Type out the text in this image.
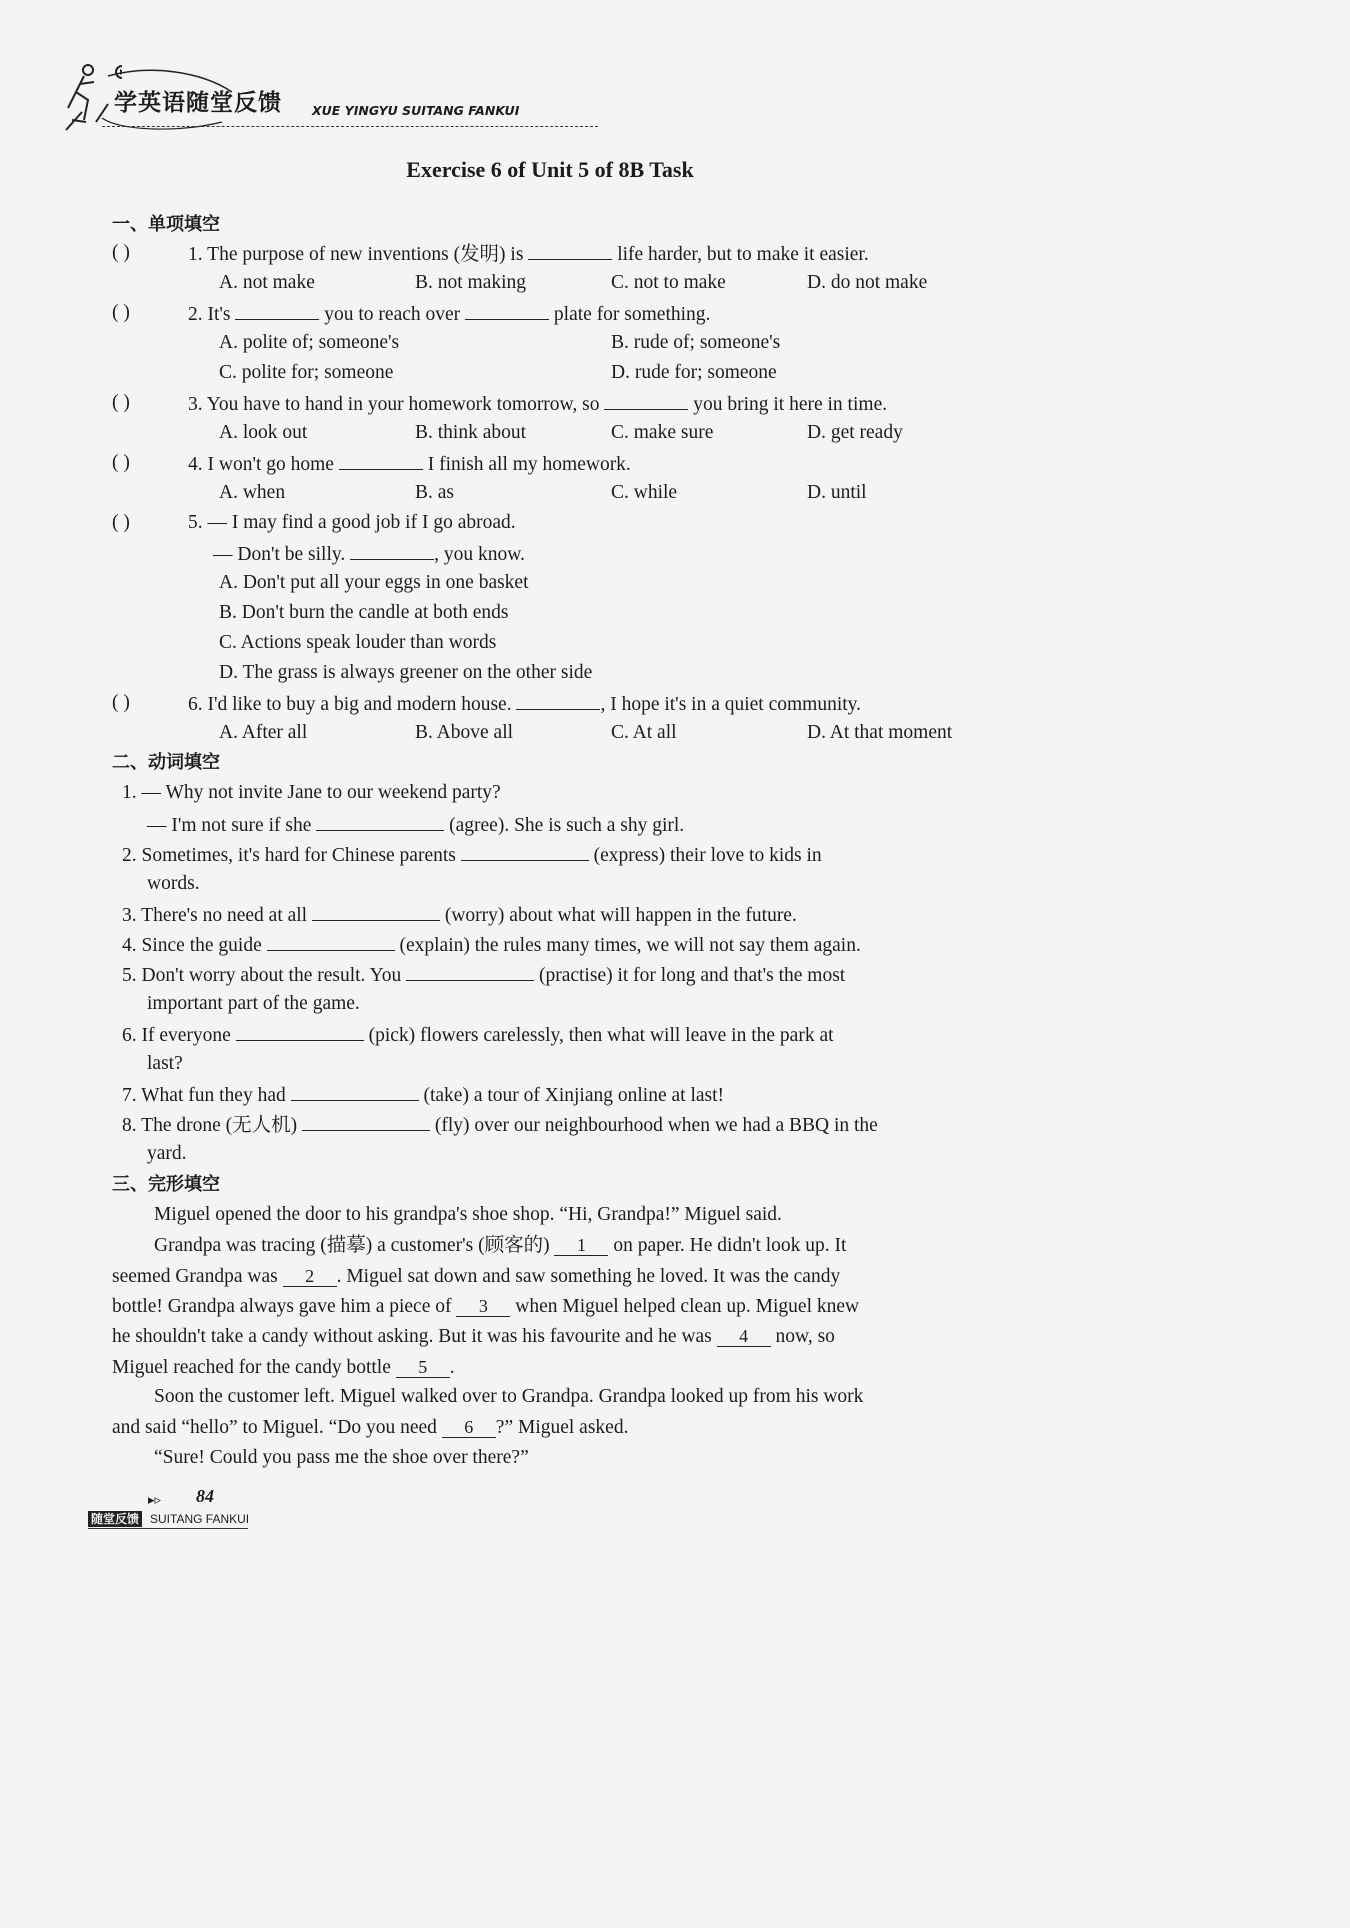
学英语随堂反馈 XUE YINGYU SUITANG FANKUI
Exercise 6 of Unit 5 of 8B Task
一、单项填空
( )	1. The purpose of new inventions (发明) is	life harder, but to make it easier.
A. not make	B. not making	C. not to make	D. do not make
( )	2. It's	you to reach over	plate for something.
A. polite of; someone's	B. rude of; someone's
C. polite for; someone	D. rude for; someone
( )	3. You have to hand in your homework tomorrow, so	you bring it here in time.
A. look out	B. think about	C. make sure	D. get ready
( )	4. I won't go home	I finish all my homework.
A. when	B. as	C. while	D. until
( )	5. — I may find a good job if I go abroad.
— Don't be silly.	, you know.
A. Don't put all your eggs in one basket
B. Don't burn the candle at both ends
C. Actions speak louder than words
D. The grass is always greener on the other side
( )	6. I'd like to buy a big and modern house.	, I hope it's in a quiet community.
A. After all	B. Above all	C. At all	D. At that moment
二、动词填空
1. — Why not invite Jane to our weekend party?
— I'm not sure if she	(agree). She is such a shy girl.
2. Sometimes, it's hard for Chinese parents	(express) their love to kids in
words.
3. There's no need at all	(worry) about what will happen in the future.
4. Since the guide	(explain) the rules many times, we will not say them again.
5. Don't worry about the result. You	(practise) it for long and that's the most
important part of the game.
6. If everyone	(pick) flowers carelessly, then what will leave in the park at
last?
7. What fun they had	(take) a tour of Xinjiang online at last!
8. The drone (无人机)	(fly) over our neighbourhood when we had a BBQ in the
yard.
三、完形填空
Miguel opened the door to his grandpa's shoe shop. “Hi, Grandpa!” Miguel said.
Grandpa was tracing (描摹) a customer's (顾客的) 1 on paper. He didn't look up. It
seemed Grandpa was 2 . Miguel sat down and saw something he loved. It was the candy
bottle! Grandpa always gave him a piece of 3 when Miguel helped clean up. Miguel knew
he shouldn't take a candy without asking. But it was his favourite and he was 4 now, so
Miguel reached for the candy bottle 5 .
Soon the customer left. Miguel walked over to Grandpa. Grandpa looked up from his work
and said “hello” to Miguel. “Do you need 6 ?” Miguel asked.
“Sure! Could you pass me the shoe over there?”
▸▹ 84
随堂反馈 SUITANG FANKUI
